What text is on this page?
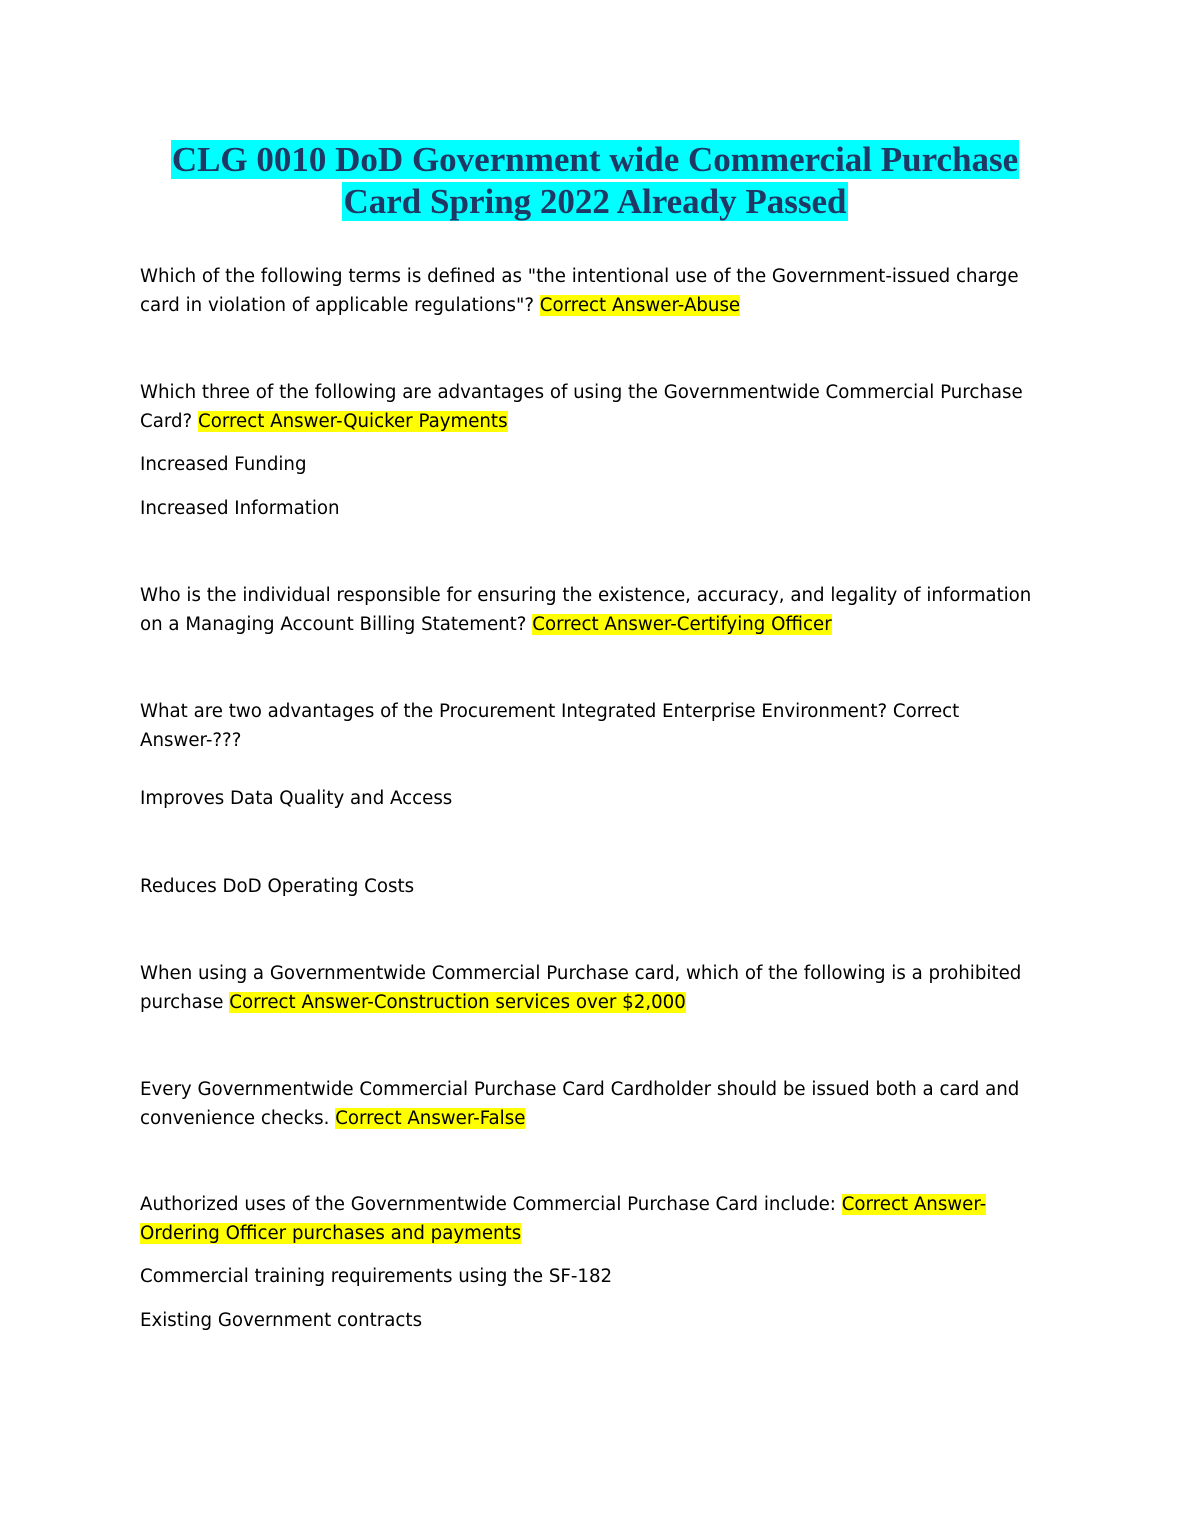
CLG 0010 DoD Government wide Commercial Purchase
Card Spring 2022 Already Passed

Which of the following terms is defined as "the intentional use of the Government-issued charge card in violation of applicable regulations"? Correct Answer-Abuse

Which three of the following are advantages of using the Governmentwide Commercial Purchase Card? Correct Answer-Quicker Payments

Increased Funding

Increased Information

Who is the individual responsible for ensuring the existence, accuracy, and legality of information on a Managing Account Billing Statement? Correct Answer-Certifying Officer

What are two advantages of the Procurement Integrated Enterprise Environment? Correct Answer-???

Improves Data Quality and Access

Reduces DoD Operating Costs

When using a Governmentwide Commercial Purchase card, which of the following is a prohibited purchase Correct Answer-Construction services over $2,000

Every Governmentwide Commercial Purchase Card Cardholder should be issued both a card and convenience checks. Correct Answer-False

Authorized uses of the Governmentwide Commercial Purchase Card include: Correct Answer-Ordering Officer purchases and payments

Commercial training requirements using the SF-182

Existing Government contracts
